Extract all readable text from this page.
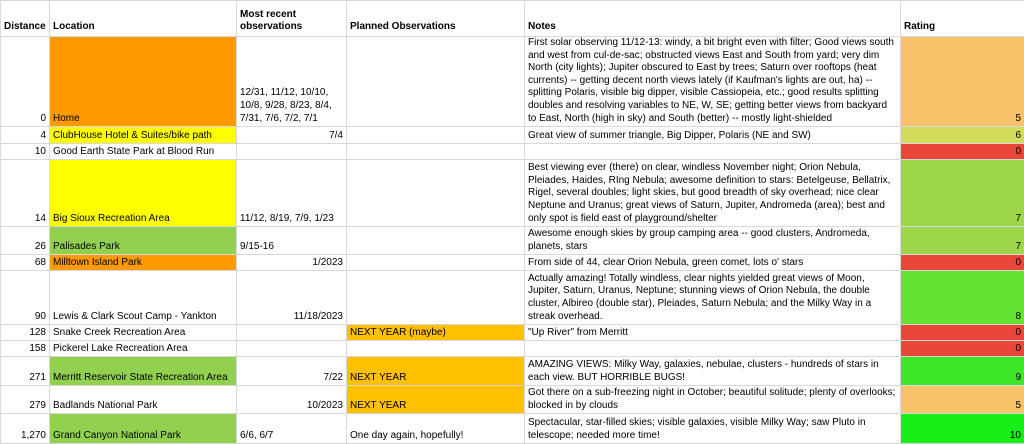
Distance	Location	Most recent observations	Planned Observations	Notes	Rating
0	Home	12/31, 11/12, 10/10, 10/8, 9/28, 8/23, 8/4, 7/31, 7/6, 7/2, 7/1		First solar observing 11/12-13: windy, a bit bright even with filter; Good views south and west from cul-de-sac; obstructed views East and South from yard; very dim North (city lights); Jupiter obscured to East by trees; Saturn over rooftops (heat currents) -- getting decent north views lately (if Kaufman's lights are out, ha) -- splitting Polaris, visible big dipper, visible Cassiopeia, etc.; good results splitting doubles and resolving variables to NE, W, SE; getting better views from backyard to East, North (high in sky) and South (better) -- mostly light-shielded	5
4	ClubHouse Hotel & Suites/bike path	7/4		Great view of summer triangle, Big Dipper, Polaris (NE and SW)	6
10	Good Earth State Park at Blood Run				0
14	Big Sioux Recreation Area	11/12, 8/19, 7/9, 1/23		Best viewing ever (there) on clear, windless November night; Orion Nebula, Pleiades, Haides, RIng Nebula; awesome definition to stars: Betelgeuse, Bellatrix, Rigel, several doubles; light skies, but good breadth of sky overhead; nice clear Neptune and Uranus; great views of Saturn, Jupiter, Andromeda (area); best and only spot is field east of playground/shelter	7
26	Palisades Park	9/15-16		Awesome enough skies by group camping area -- good clusters, Andromeda, planets, stars	7
68	Milltown Island Park	1/2023		From side of 44, clear Orion Nebula, green comet, lots o' stars	0
90	Lewis & Clark Scout Camp - Yankton	11/18/2023		Actually amazing! Totally windless, clear nights yielded great views of Moon, Jupiter, Saturn, Uranus, Neptune; stunning views of Orion Nebula, the double cluster, Albireo (double star), Pleiades, Saturn Nebula; and the Milky Way in a streak overhead.	8
128	Snake Creek Recreation Area		NEXT YEAR (maybe)	"Up River" from Merritt	0
158	Pickerel Lake Recreation Area				0
271	Merritt Reservoir State Recreation Area	7/22	NEXT YEAR	AMAZING VIEWS: Milky Way, galaxies, nebulae, clusters - hundreds of stars in each view. BUT HORRIBLE BUGS!	9
279	Badlands National Park	10/2023	NEXT YEAR	Got there on a sub-freezing night in October; beautiful solitude; plenty of overlooks; blocked in by clouds	5
1,270	Grand Canyon National Park	6/6, 6/7	One day again, hopefully!	Spectacular, star-filled skies; visible galaxies, visible Milky Way; saw Pluto in telescope; needed more time!	10
